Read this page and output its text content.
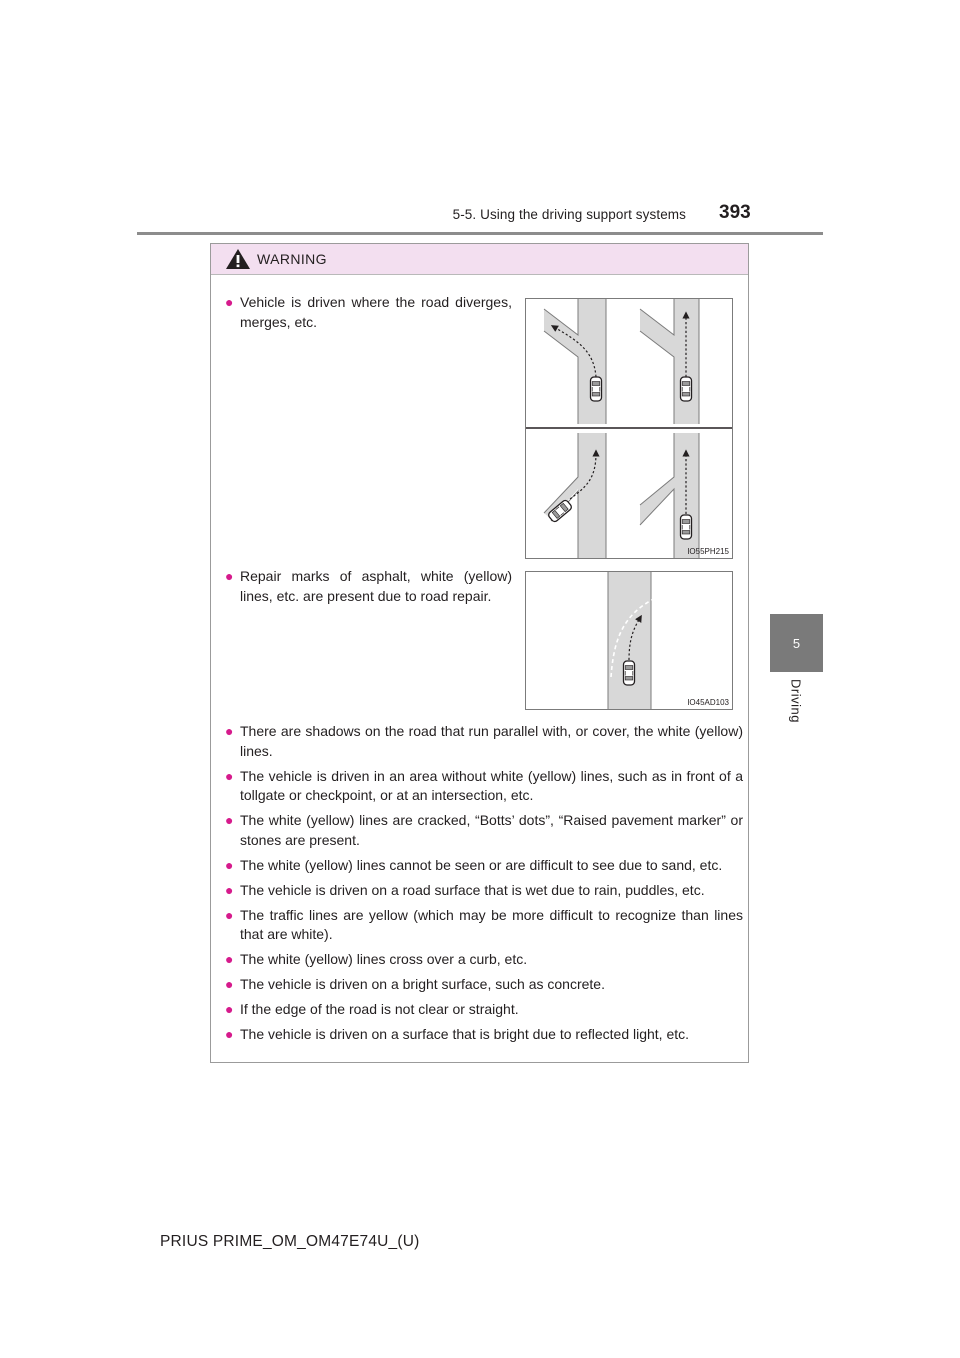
5-5. Using the driving support systems 393
5
Driving
WARNING
● Vehicle is driven where the road diverges, merges, etc.
IO55PH215
● Repair marks of asphalt, white (yellow) lines, etc. are present due to road repair.
IO45AD103
● There are shadows on the road that run parallel with, or cover, the white (yellow) lines.
● The vehicle is driven in an area without white (yellow) lines, such as in front of a tollgate or checkpoint, or at an intersection, etc.
● The white (yellow) lines are cracked, “Botts’ dots”, “Raised pavement marker” or stones are present.
● The white (yellow) lines cannot be seen or are difficult to see due to sand, etc.
● The vehicle is driven on a road surface that is wet due to rain, puddles, etc.
● The traffic lines are yellow (which may be more difficult to recognize than lines that are white).
● The white (yellow) lines cross over a curb, etc.
● The vehicle is driven on a bright surface, such as concrete.
● If the edge of the road is not clear or straight.
● The vehicle is driven on a surface that is bright due to reflected light, etc.
PRIUS PRIME_OM_OM47E74U_(U)
